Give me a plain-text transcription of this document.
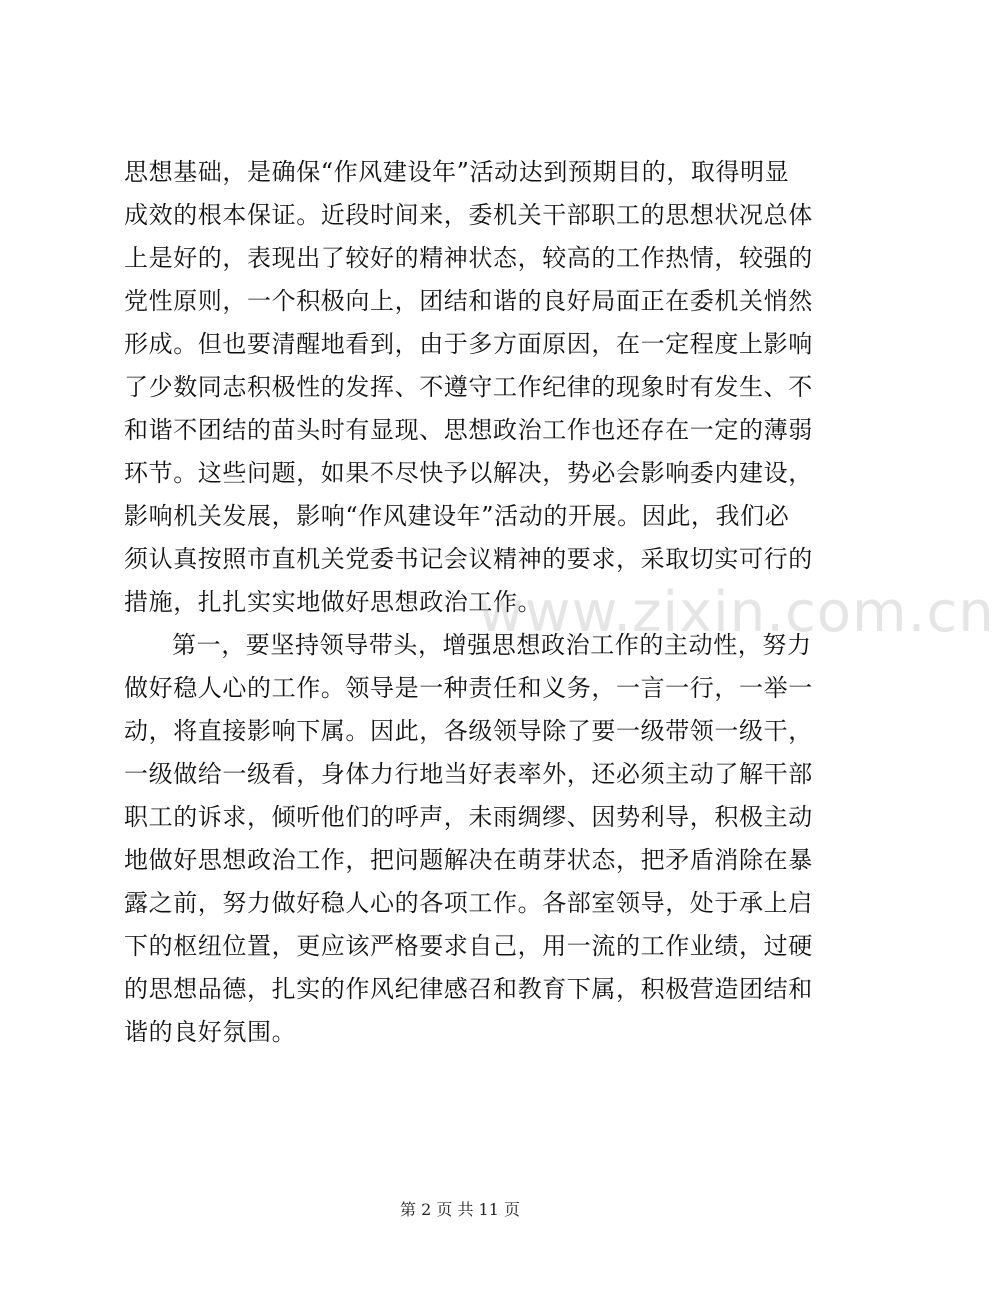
思想基础，是确保“作风建设年”活动达到预期目的，取得明显
成效的根本保证。近段时间来，委机关干部职工的思想状况总体
上是好的，表现出了较好的精神状态，较高的工作热情，较强的
党性原则，一个积极向上，团结和谐的良好局面正在委机关悄然
形成。但也要清醒地看到，由于多方面原因，在一定程度上影响
了少数同志积极性的发挥、不遵守工作纪律的现象时有发生、不
和谐不团结的苗头时有显现、思想政治工作也还存在一定的薄弱
环节。这些问题，如果不尽快予以解决，势必会影响委内建设，
影响机关发展，影响“作风建设年”活动的开展。因此，我们必
须认真按照市直机关党委书记会议精神的要求，采取切实可行的
措施，扎扎实实地做好思想政治工作。
第一，要坚持领导带头，增强思想政治工作的主动性，努力
做好稳人心的工作。领导是一种责任和义务，一言一行，一举一
动，将直接影响下属。因此，各级领导除了要一级带领一级干，
一级做给一级看，身体力行地当好表率外，还必须主动了解干部
职工的诉求，倾听他们的呼声，未雨绸缪、因势利导，积极主动
地做好思想政治工作，把问题解决在萌芽状态，把矛盾消除在暴
露之前，努力做好稳人心的各项工作。各部室领导，处于承上启
下的枢纽位置，更应该严格要求自己，用一流的工作业绩，过硬
的思想品德，扎实的作风纪律感召和教育下属，积极营造团结和
谐的良好氛围。
www.zixin.com.cn
第 2 页 共 11 页
